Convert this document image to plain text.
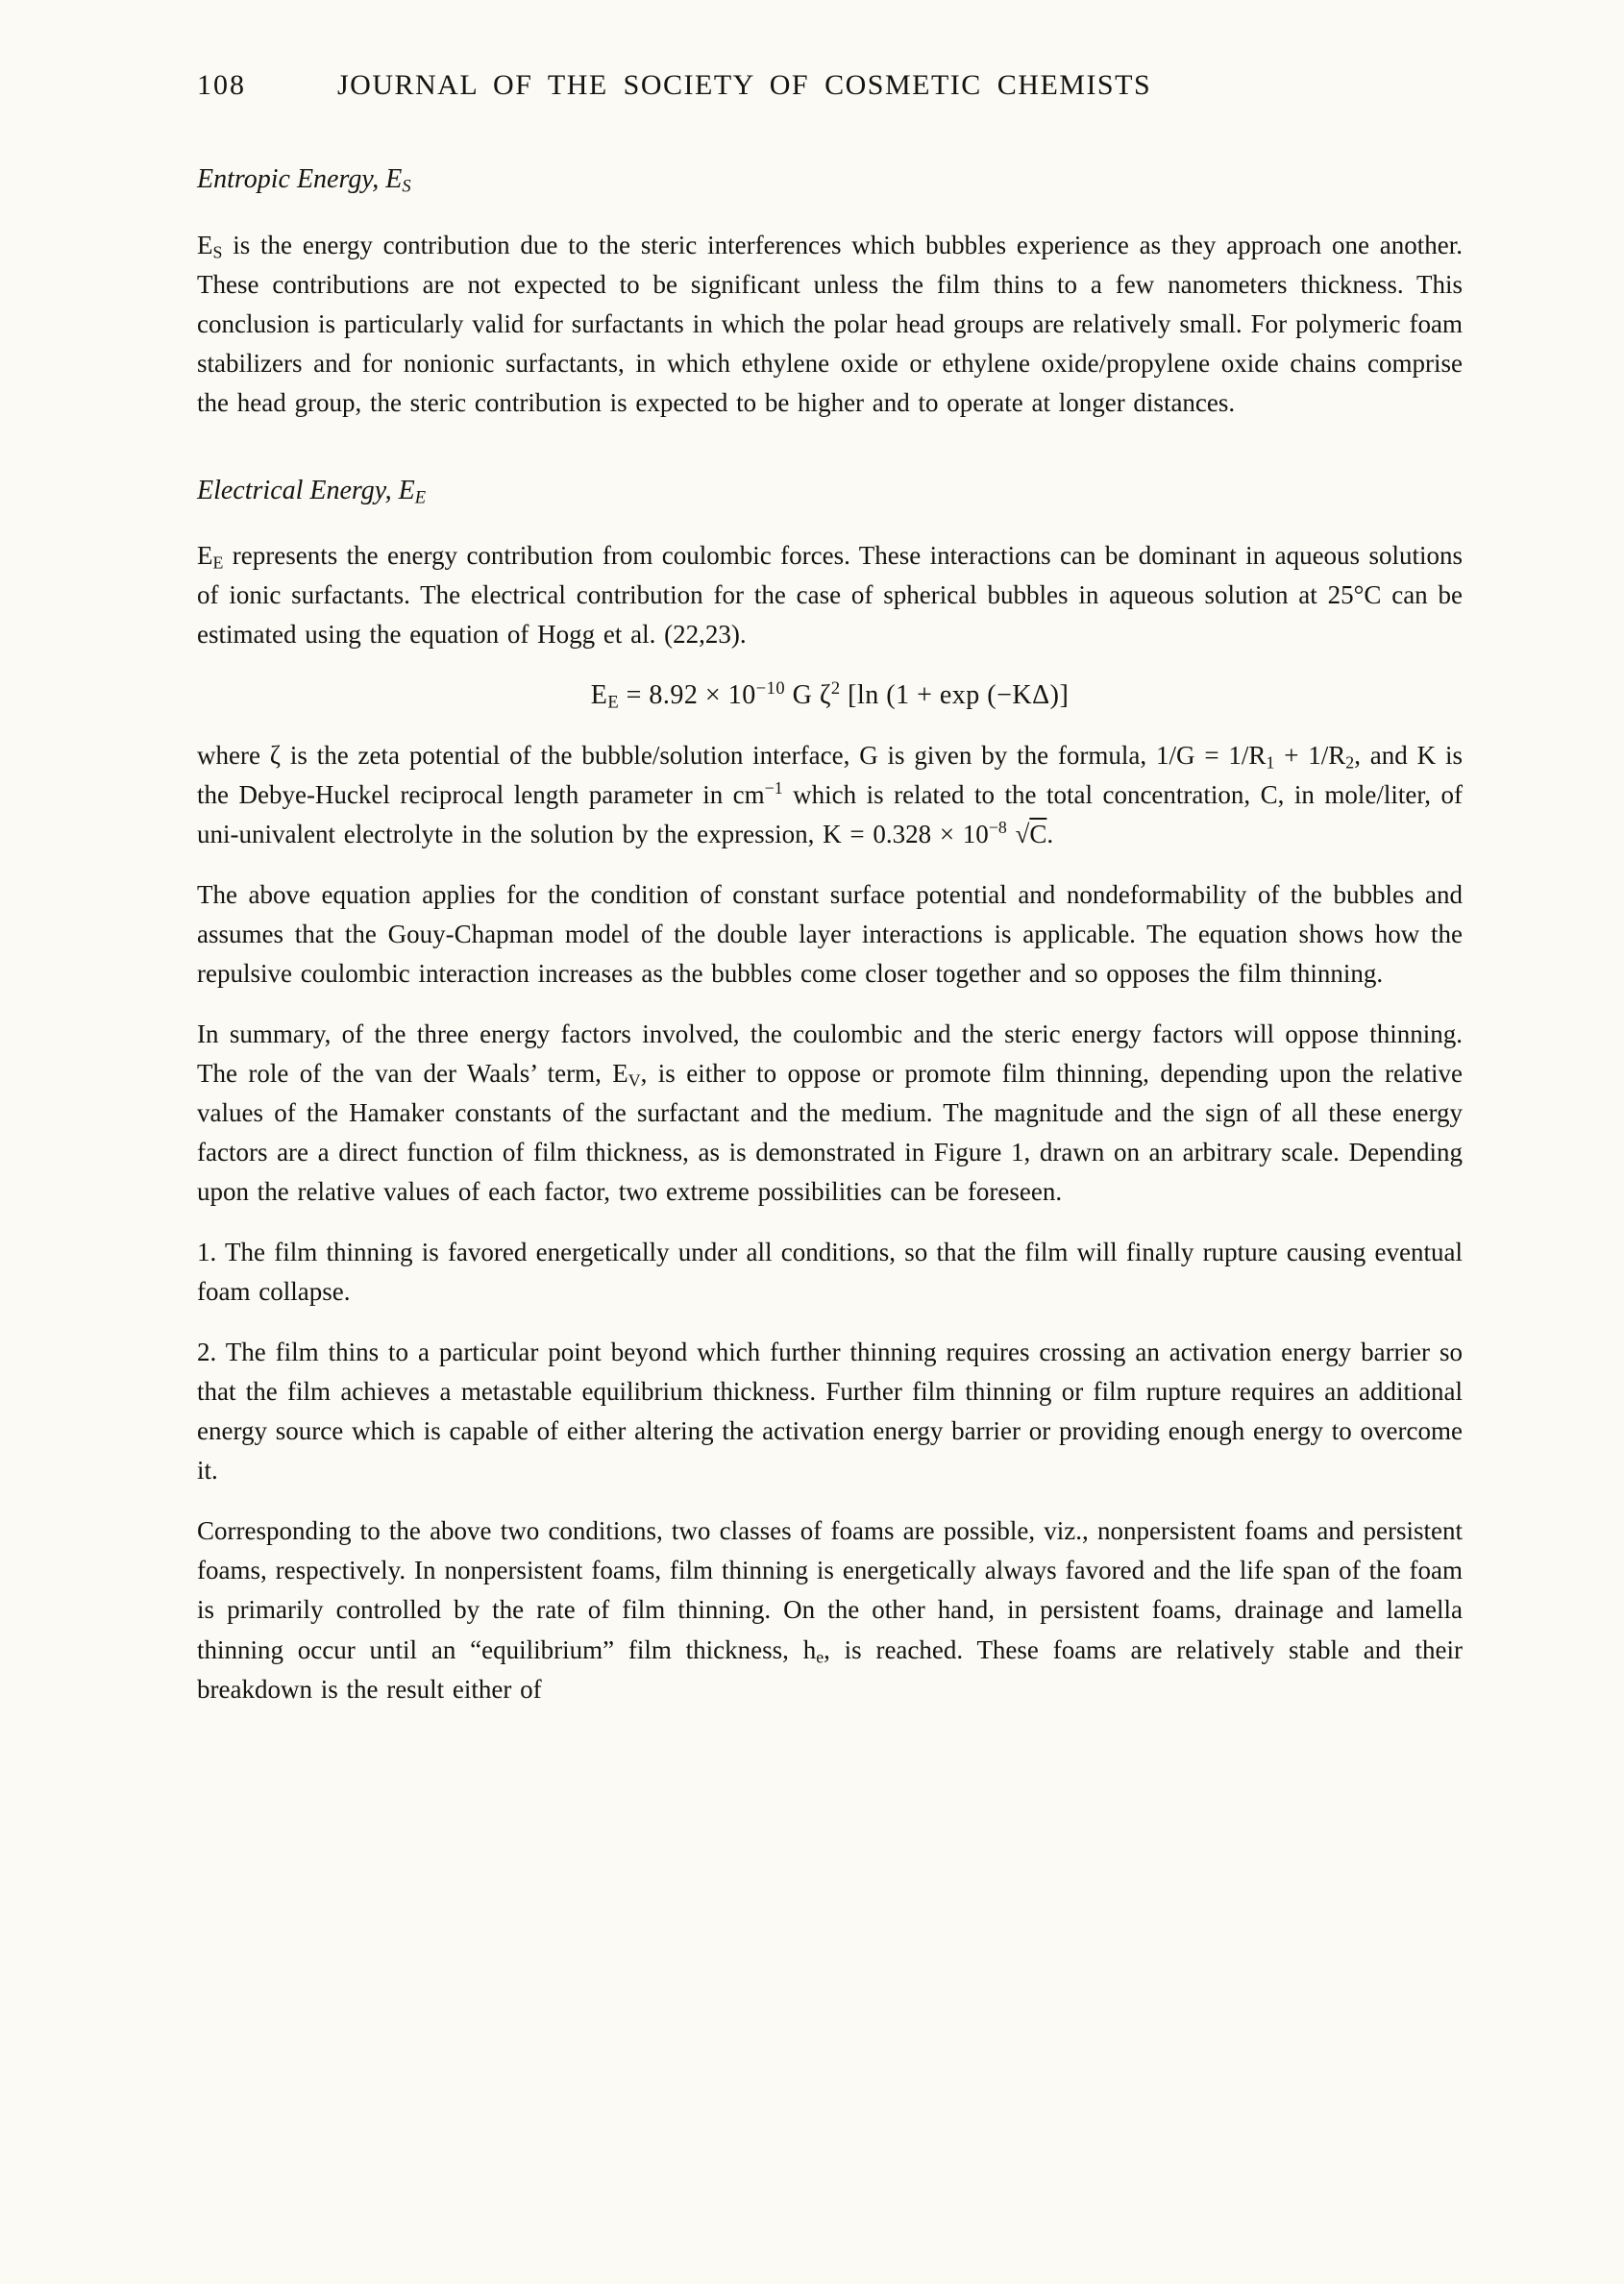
108	JOURNAL OF THE SOCIETY OF COSMETIC CHEMISTS
Entropic Energy, $E_S$

$E_S$ is the energy contribution due to the steric interferences which bubbles experience as they approach one another. These contributions are not expected to be significant unless the film thins to a few nanometers thickness. This conclusion is particularly valid for surfactants in which the polar head groups are relatively small. For polymeric foam stabilizers and for nonionic surfactants, in which ethylene oxide or ethylene oxide/propylene oxide chains comprise the head group, the steric contribution is expected to be higher and to operate at longer distances.

Electrical Energy, $E_E$

$E_E$ represents the energy contribution from coulombic forces. These interactions can be dominant in aqueous solutions of ionic surfactants. The electrical contribution for the case of spherical bubbles in aqueous solution at 25°C can be estimated using the equation of Hogg et al. (22,23).

$E_E = 8.92 \times 10^{-10}$ G $\zeta^2$ [ln (1 + exp (−KΔ)]

where ζ is the zeta potential of the bubble/solution interface, G is given by the formula, $1/G = 1/R_1 + 1/R_2$, and K is the Debye-Huckel reciprocal length parameter in $cm^{-1}$ which is related to the total concentration, C, in mole/liter, of uni-univalent electrolyte in the solution by the expression, $K = 0.328 \times 10^{-8}$ √C.

The above equation applies for the condition of constant surface potential and nondeformability of the bubbles and assumes that the Gouy-Chapman model of the double layer interactions is applicable. The equation shows how the repulsive coulombic interaction increases as the bubbles come closer together and so opposes the film thinning.

In summary, of the three energy factors involved, the coulombic and the steric energy factors will oppose thinning. The role of the van der Waals’ term, $E_V$, is either to oppose or promote film thinning, depending upon the relative values of the Hamaker constants of the surfactant and the medium. The magnitude and the sign of all these energy factors are a direct function of film thickness, as is demonstrated in Figure 1, drawn on an arbitrary scale. Depending upon the relative values of each factor, two extreme possibilities can be foreseen.

1. The film thinning is favored energetically under all conditions, so that the film will finally rupture causing eventual foam collapse.

2. The film thins to a particular point beyond which further thinning requires crossing an activation energy barrier so that the film achieves a metastable equilibrium thickness. Further film thinning or film rupture requires an additional energy source which is capable of either altering the activation energy barrier or providing enough energy to overcome it.

Corresponding to the above two conditions, two classes of foams are possible, viz., nonpersistent foams and persistent foams, respectively. In nonpersistent foams, film thinning is energetically always favored and the life span of the foam is primarily controlled by the rate of film thinning. On the other hand, in persistent foams, drainage and lamella thinning occur until an “equilibrium” film thickness, $h_e$, is reached. These foams are relatively stable and their breakdown is the result either of
